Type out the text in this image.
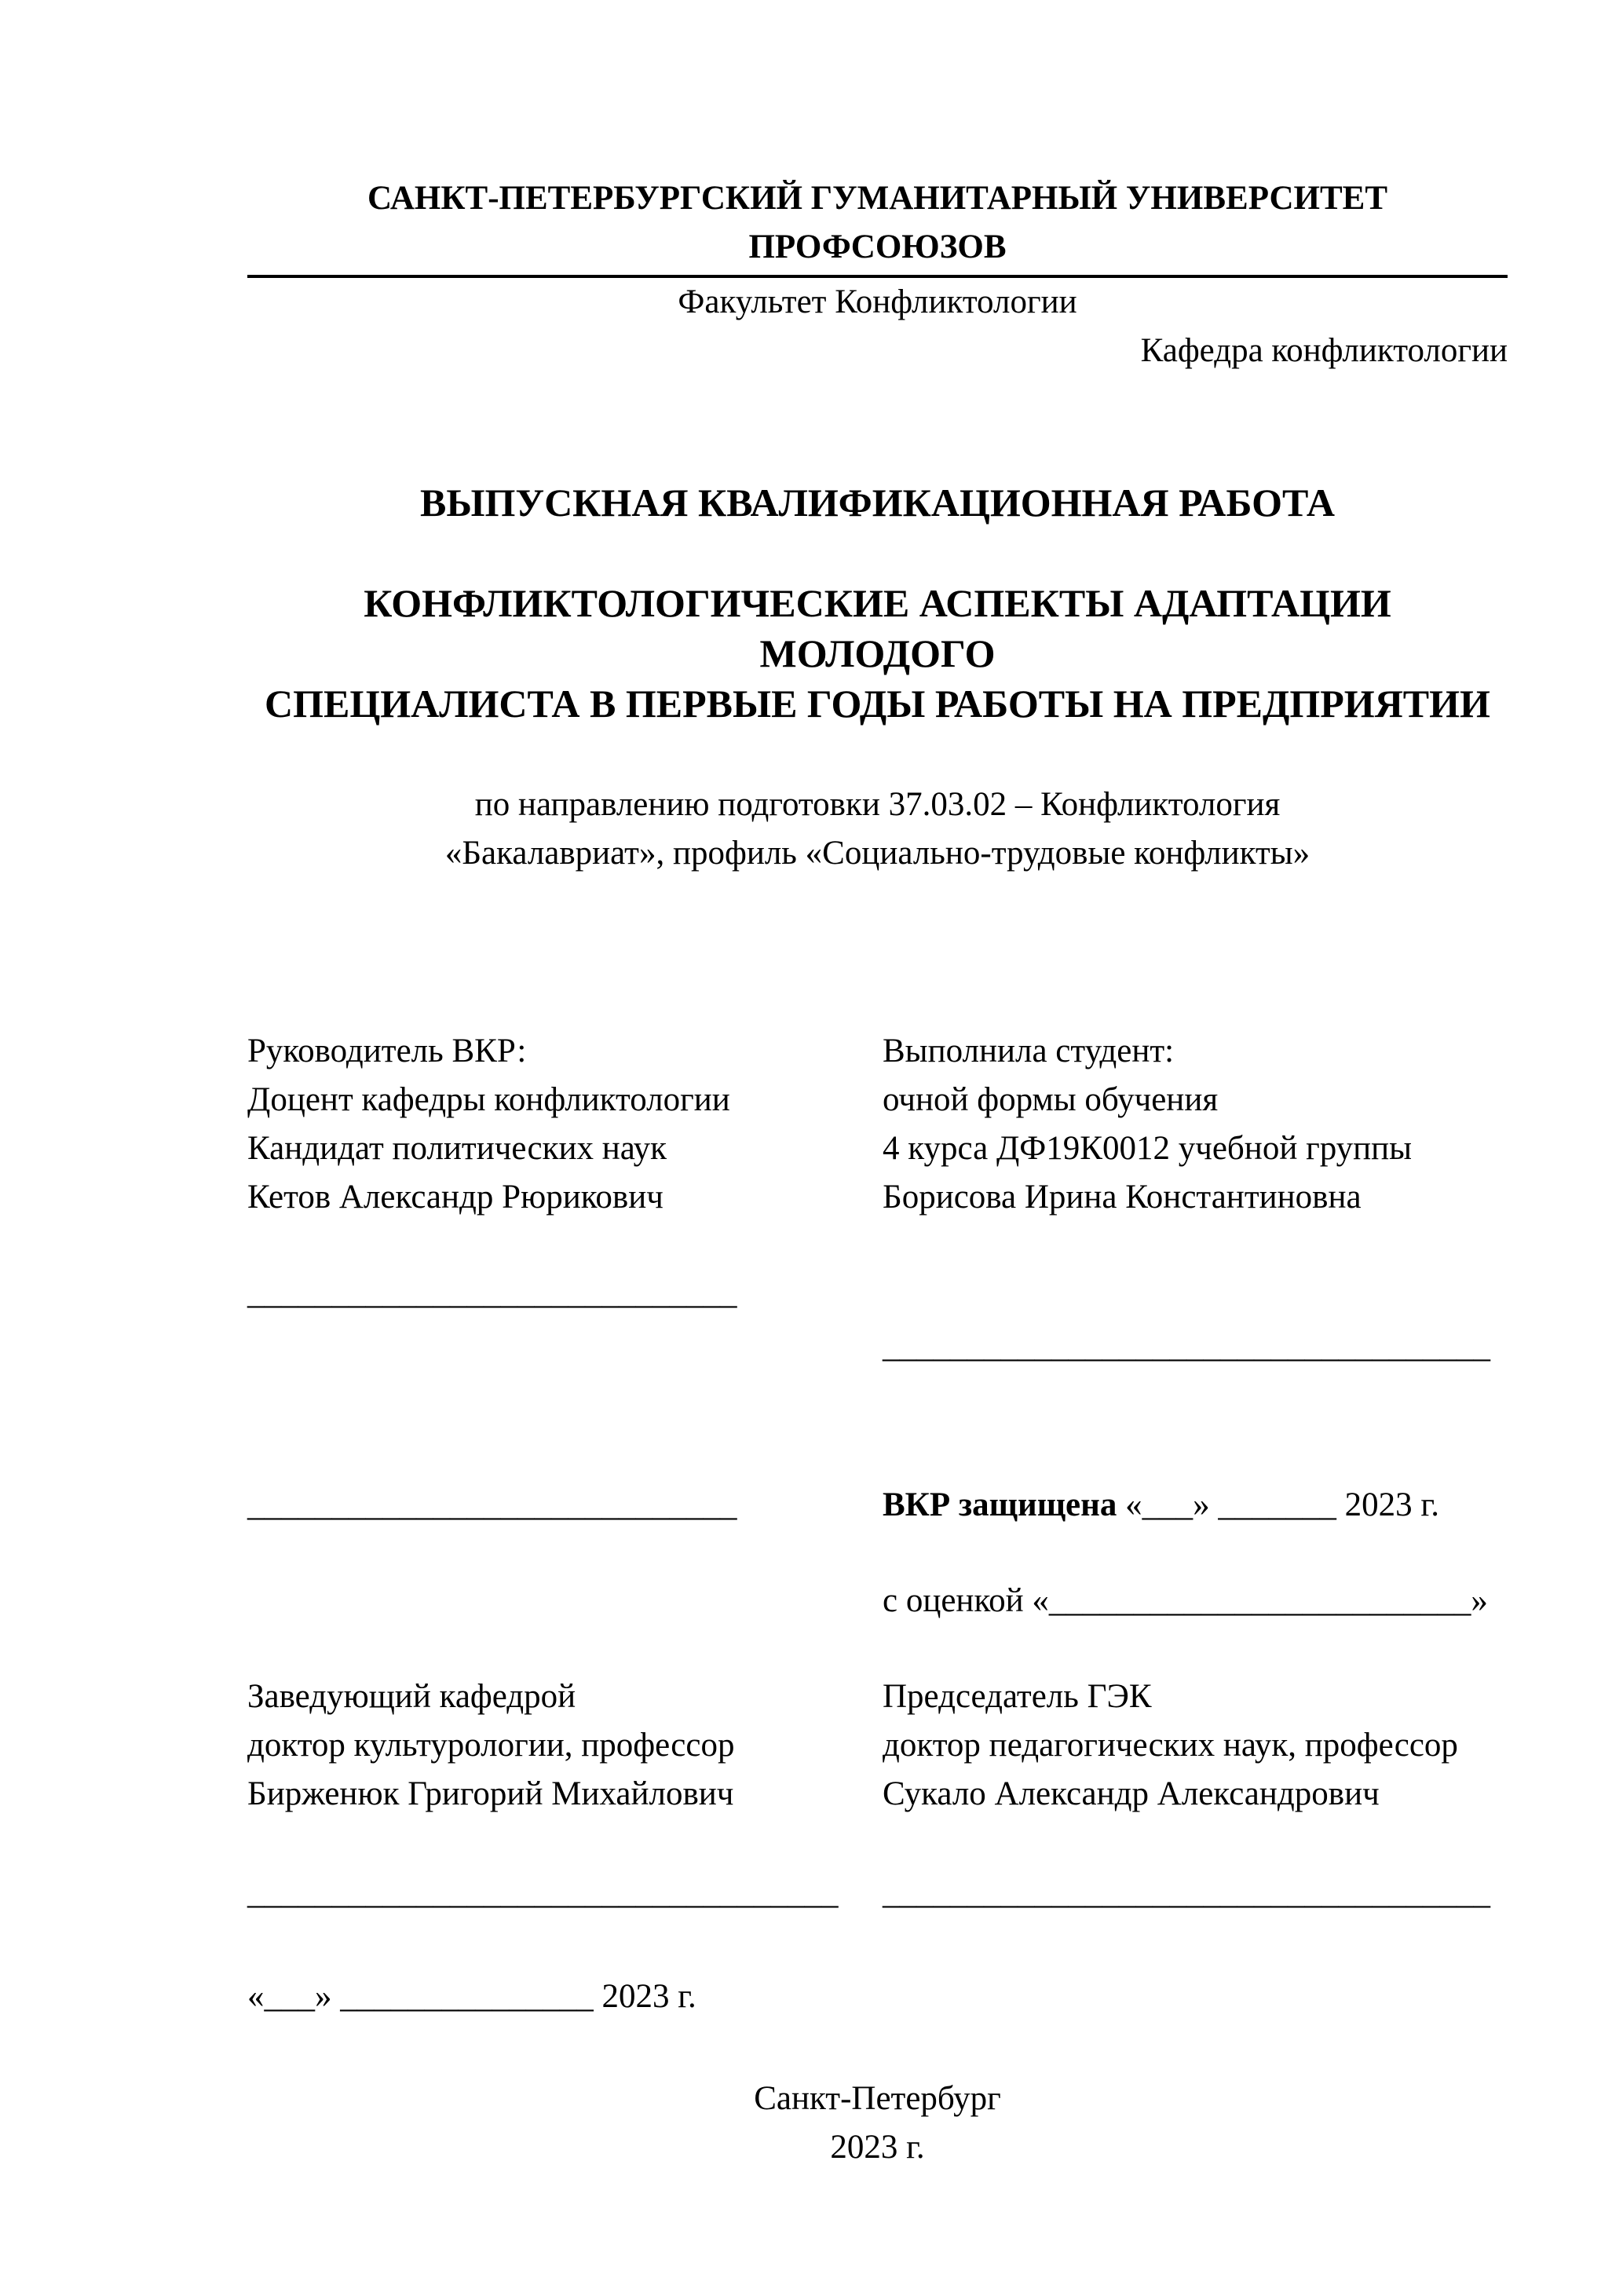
САНКТ-ПЕТЕРБУРГСКИЙ ГУМАНИТАРНЫЙ УНИВЕРСИТЕТ ПРОФСОЮЗОВ
Факультет Конфликтологии
Кафедра конфликтологии
ВЫПУСКНАЯ КВАЛИФИКАЦИОННАЯ РАБОТА
КОНФЛИКТОЛОГИЧЕСКИЕ АСПЕКТЫ АДАПТАЦИИ МОЛОДОГО
СПЕЦИАЛИСТА В ПЕРВЫЕ ГОДЫ РАБОТЫ НА ПРЕДПРИЯТИИ
по направлению подготовки 37.03.02 – Конфликтология
«Бакалавриат», профиль «Социально-трудовые конфликты»
Руководитель ВКР:
Доцент кафедры конфликтологии
Кандидат политических наук
Кетов Александр Рюрикович
Выполнила студент:
очной формы обучения
4 курса ДФ19К0012 учебной группы
Борисова Ирина Константиновна
_____________________________
____________________________________
_____________________________	ВКР защищена «___» _______ 2023 г.
с оценкой «_________________________»
Заведующий кафедрой
доктор культурологии, профессор
Бирженюк Григорий Михайлович
Председатель ГЭК
доктор педагогических наук, профессор
Сукало Александр Александрович
___________________________________	____________________________________
«___» _______________ 2023 г.
Санкт-Петербург
2023 г.
